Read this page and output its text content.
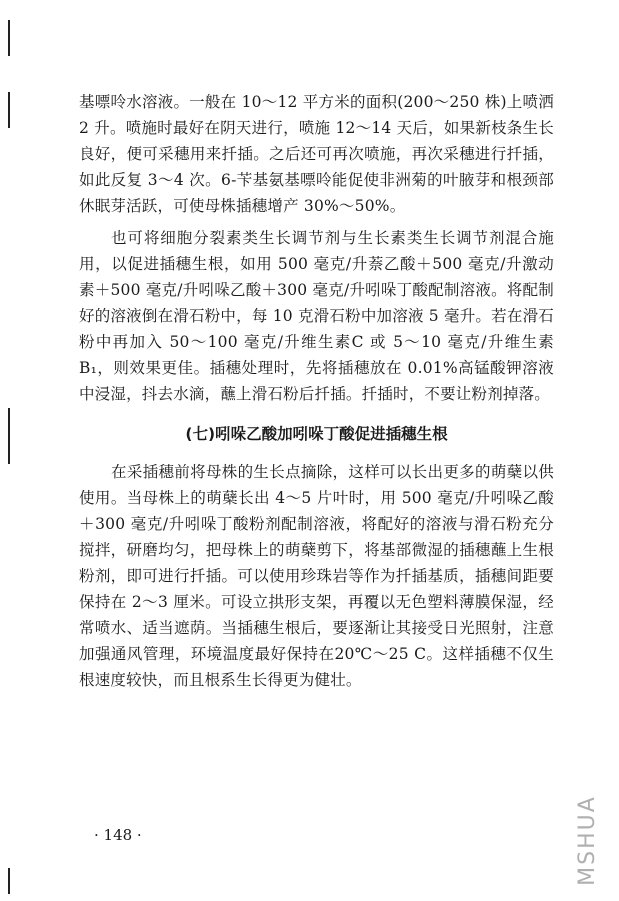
基嘌呤水溶液。一般在 10～12 平方米的面积(200～250 株)上喷洒 2 升。喷施时最好在阴天进行，喷施 12～14 天后，如果新枝条生长良好，便可采穗用来扦插。之后还可再次喷施，再次采穗进行扦插，如此反复 3～4 次。6-苄基氨基嘌呤能促使非洲菊的叶腋芽和根颈部休眠芽活跃，可使母株插穗增产 30%～50%。

也可将细胞分裂素类生长调节剂与生长素类生长调节剂混合施用，以促进插穗生根，如用 500 毫克/升萘乙酸＋500 毫克/升激动素＋500 毫克/升吲哚乙酸＋300 毫克/升吲哚丁酸配制溶液。将配制好的溶液倒在滑石粉中，每 10 克滑石粉中加溶液 5 毫升。若在滑石粉中再加入 50～100 毫克/升维生素C 或 5～10 毫克/升维生素 B₁，则效果更佳。插穗处理时，先将插穗放在 0.01%高锰酸钾溶液中浸湿，抖去水滴，蘸上滑石粉后扦插。扦插时，不要让粉剂掉落。

(七)吲哚乙酸加吲哚丁酸促进插穗生根

在采插穗前将母株的生长点摘除，这样可以长出更多的萌蘖以供使用。当母株上的萌蘖长出 4～5 片叶时，用 500 毫克/升吲哚乙酸＋300 毫克/升吲哚丁酸粉剂配制溶液，将配好的溶液与滑石粉充分搅拌，研磨均匀，把母株上的萌蘖剪下，将基部微湿的插穗蘸上生根粉剂，即可进行扦插。可以使用珍珠岩等作为扦插基质，插穗间距要保持在 2～3 厘米。可设立拱形支架，再覆以无色塑料薄膜保湿，经常喷水、适当遮荫。当插穗生根后，要逐渐让其接受日光照射，注意加强通风管理，环境温度最好保持在20℃～25 C。这样插穗不仅生根速度较快，而且根系生长得更为健壮。

· 148 ·	MSHUA
